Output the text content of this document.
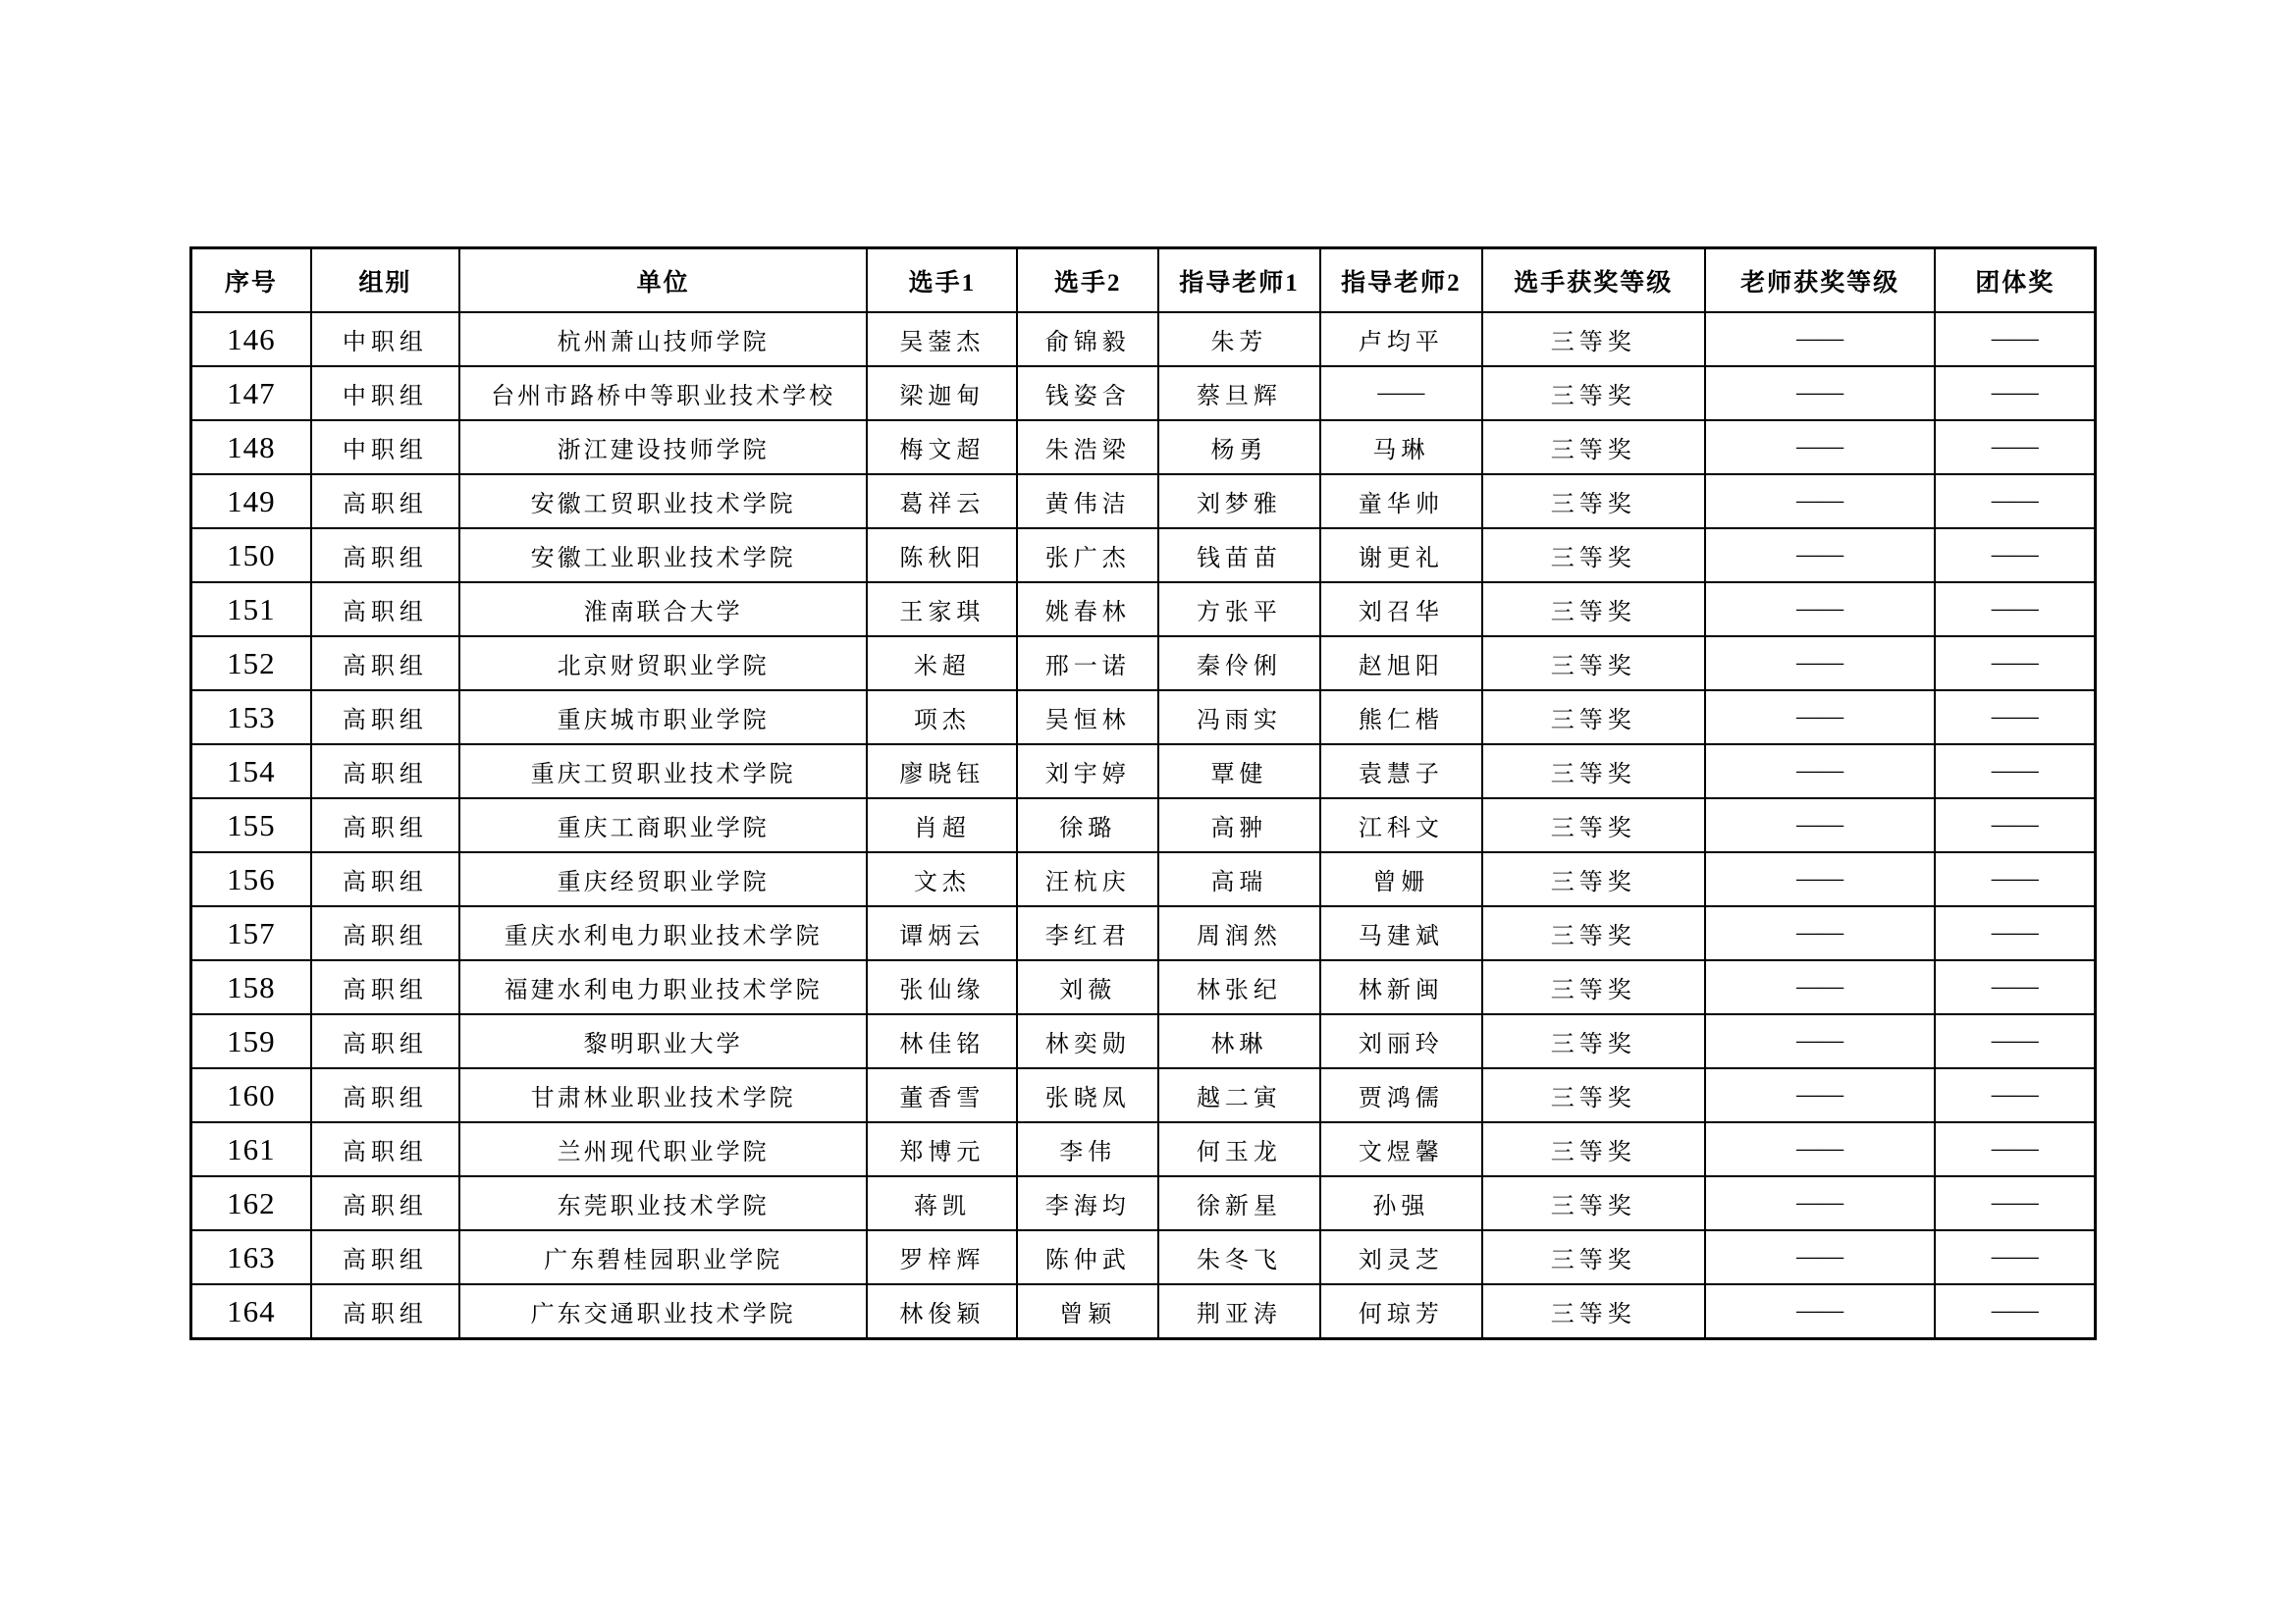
序号	组别	单位	选手1	选手2	指导老师1	指导老师2	选手获奖等级	老师获奖等级	团体奖
146	中职组	杭州萧山技师学院	吴蓥杰	俞锦毅	朱芳	卢均平	三等奖	——	——
147	中职组	台州市路桥中等职业技术学校	梁迦甸	钱姿含	蔡旦辉	——	三等奖	——	——
148	中职组	浙江建设技师学院	梅文超	朱浩梁	杨勇	马琳	三等奖	——	——
149	高职组	安徽工贸职业技术学院	葛祥云	黄伟洁	刘梦雅	童华帅	三等奖	——	——
150	高职组	安徽工业职业技术学院	陈秋阳	张广杰	钱苗苗	谢更礼	三等奖	——	——
151	高职组	淮南联合大学	王家琪	姚春林	方张平	刘召华	三等奖	——	——
152	高职组	北京财贸职业学院	米超	邢一诺	秦伶俐	赵旭阳	三等奖	——	——
153	高职组	重庆城市职业学院	项杰	吴恒林	冯雨实	熊仁楷	三等奖	——	——
154	高职组	重庆工贸职业技术学院	廖晓钰	刘宇婷	覃健	袁慧子	三等奖	——	——
155	高职组	重庆工商职业学院	肖超	徐璐	高翀	江科文	三等奖	——	——
156	高职组	重庆经贸职业学院	文杰	汪杭庆	高瑞	曾姗	三等奖	——	——
157	高职组	重庆水利电力职业技术学院	谭炳云	李红君	周润然	马建斌	三等奖	——	——
158	高职组	福建水利电力职业技术学院	张仙缘	刘薇	林张纪	林新闽	三等奖	——	——
159	高职组	黎明职业大学	林佳铭	林奕勋	林琳	刘丽玲	三等奖	——	——
160	高职组	甘肃林业职业技术学院	董香雪	张晓凤	越二寅	贾鸿儒	三等奖	——	——
161	高职组	兰州现代职业学院	郑博元	李伟	何玉龙	文煜馨	三等奖	——	——
162	高职组	东莞职业技术学院	蒋凯	李海均	徐新星	孙强	三等奖	——	——
163	高职组	广东碧桂园职业学院	罗梓辉	陈仲武	朱冬飞	刘灵芝	三等奖	——	——
164	高职组	广东交通职业技术学院	林俊颖	曾颖	荆亚涛	何琼芳	三等奖	——	——
